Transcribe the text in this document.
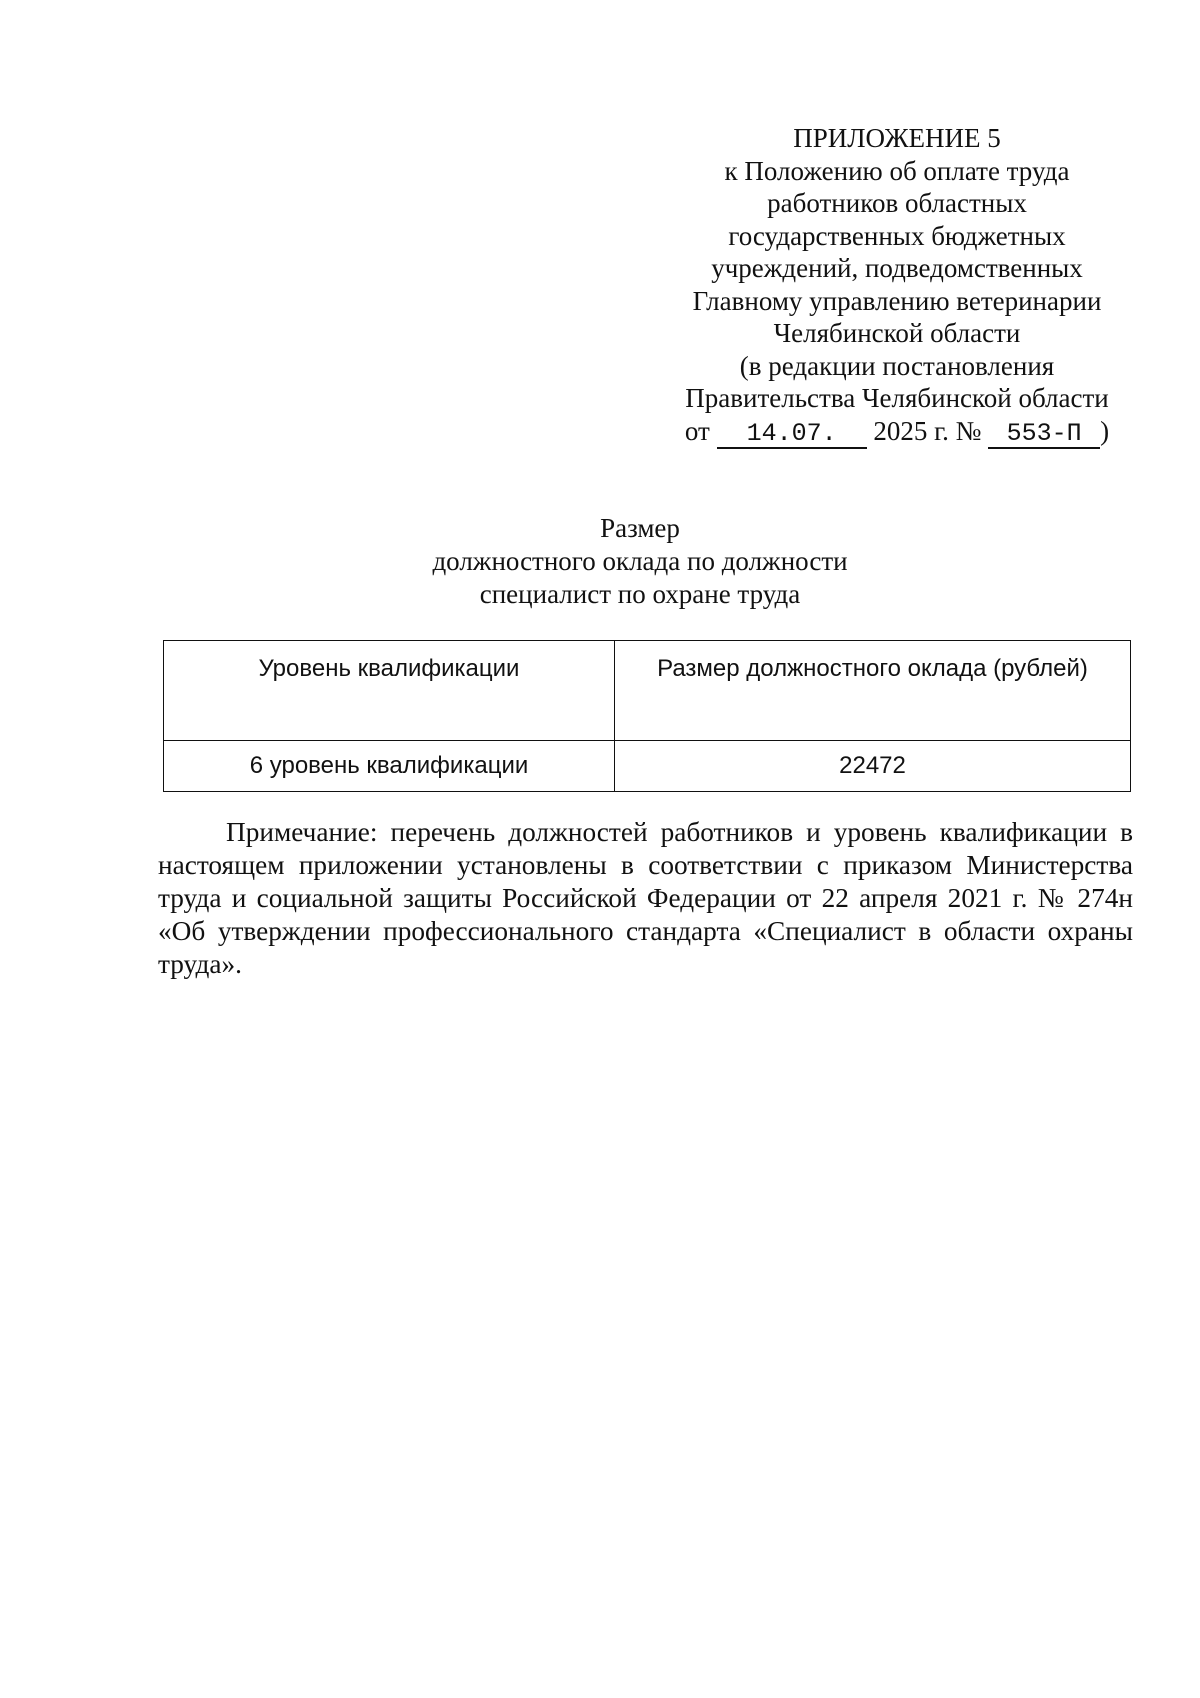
ПРИЛОЖЕНИЕ 5
к Положению об оплате труда
работников областных
государственных бюджетных
учреждений, подведомственных
Главному управлению ветеринарии
Челябинской области
(в редакции постановления
Правительства Челябинской области
от 14.07. 2025 г. № 553-П )
Размер
должностного оклада по должности
специалист по охране труда
Уровень квалификации	Размер должностного оклада (рублей)
6 уровень квалификации	22472

Примечание: перечень должностей работников и уровень квалификации в настоящем приложении установлены в соответствии с приказом Министерства труда и социальной защиты Российской Федерации от 22 апреля 2021 г. № 274н «Об утверждении профессионального стандарта «Специалист в области охраны труда».
